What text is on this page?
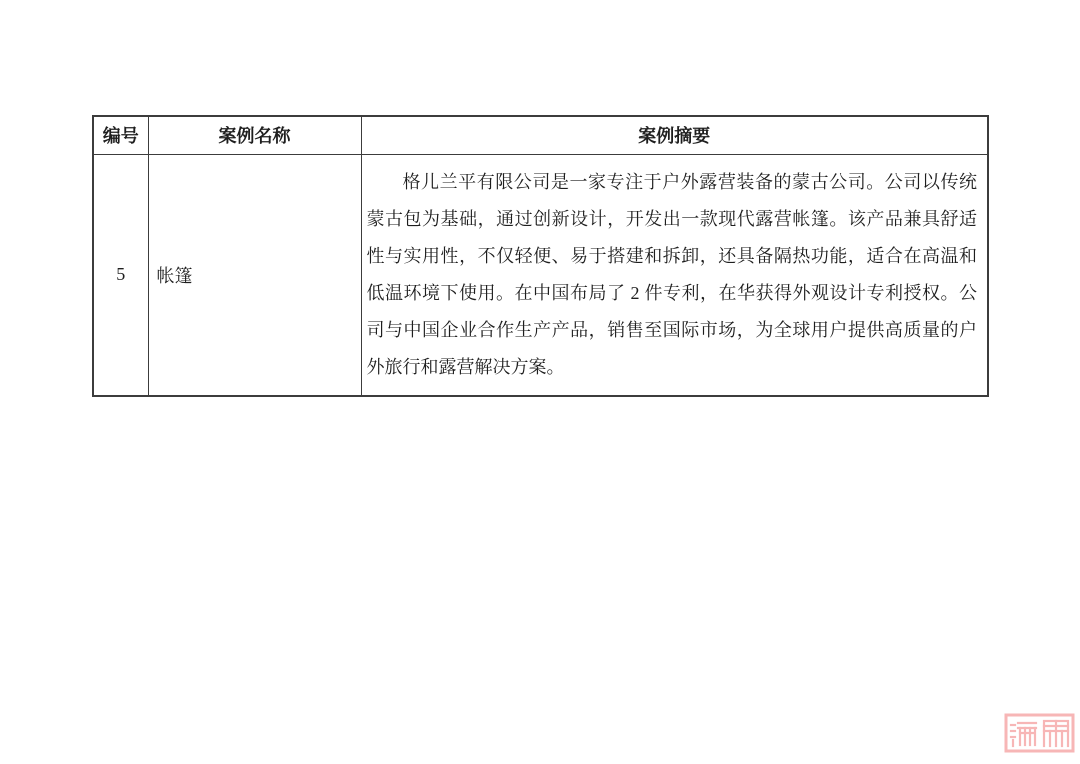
编号	案例名称	案例摘要
5	帐篷	格儿兰平有限公司是一家专注于户外露营装备的蒙古公司。公司以传统蒙古包为基础，通过创新设计，开发出一款现代露营帐篷。该产品兼具舒适性与实用性，不仅轻便、易于搭建和拆卸，还具备隔热功能，适合在高温和低温环境下使用。在中国布局了 2 件专利，在华获得外观设计专利授权。公司与中国企业合作生产产品，销售至国际市场，为全球用户提供高质量的户外旅行和露营解决方案。
